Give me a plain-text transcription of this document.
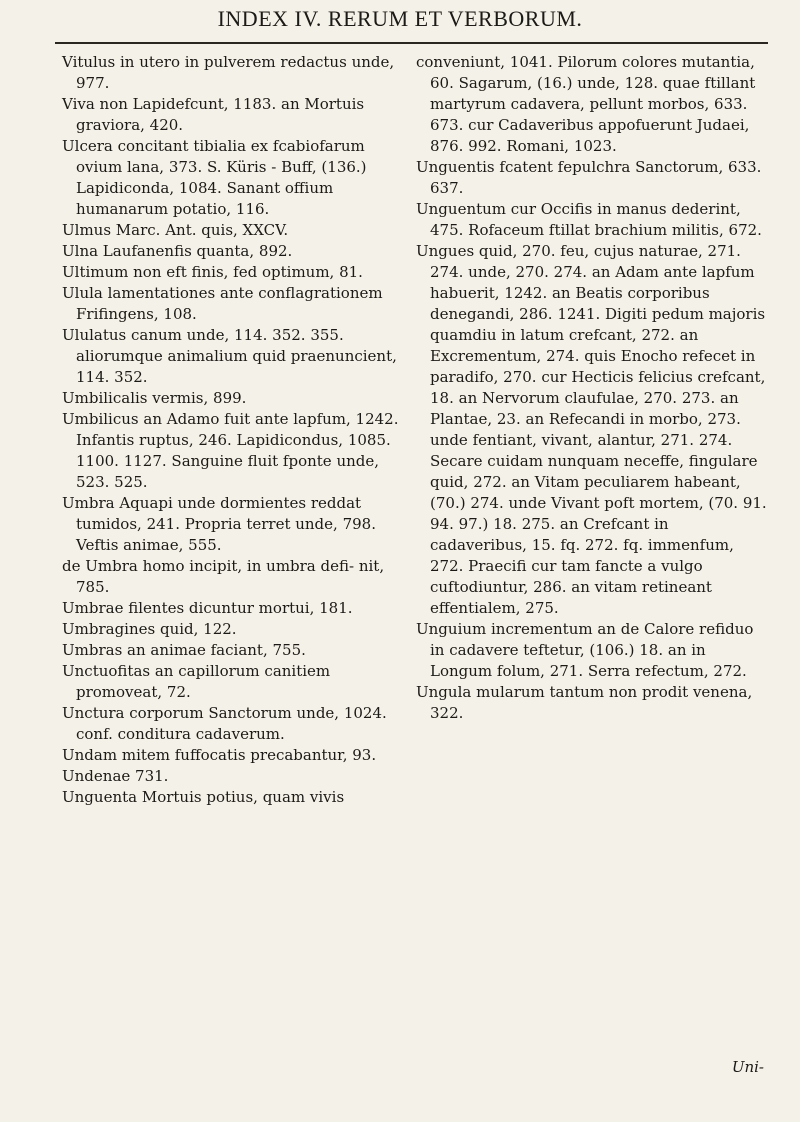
INDEX IV. RERUM ET VERBORUM.

Vitulus in utero in pulverem redactus unde, 977.

Viva non Lapidefcunt, 1183. an Mortuis graviora, 420.

Ulcera concitant tibialia ex fcabiofarum ovium lana, 373. S. Küris - Buff, (136.) Lapidiconda, 1084. Sanant offium humanarum potatio, 116.

Ulmus Marc. Ant. quis, XXCV.

Ulna Laufanenfis quanta, 892.

Ultimum non eft finis, fed optimum, 81.

Ulula lamentationes ante conflagrationem Frifingens, 108.

Ululatus canum unde, 114. 352. 355. aliorumque animalium quid praenuncient, 114. 352.

Umbilicalis vermis, 899.

Umbilicus an Adamo fuit ante lapfum, 1242. Infantis ruptus, 246. Lapidicondus, 1085. 1100. 1127. Sanguine fluit fponte unde, 523. 525.

Umbra Aquapi unde dormientes reddat tumidos, 241. Propria terret unde, 798. Veftis animae, 555.

de Umbra homo incipit, in umbra defi- nit, 785.

Umbrae filentes dicuntur mortui, 181.

Umbragines quid, 122.

Umbras an animae faciant, 755.

Unctuofitas an capillorum canitiem promoveat, 72.

Unctura corporum Sanctorum unde, 1024. conf. conditura cadaverum.

Undam mitem fuffocatis precabantur, 93.

Undenae 731.

Unguenta Mortuis potius, quam vivis

conveniunt, 1041. Pilorum colores mutantia, 60. Sagarum, (16.) unde, 128. quae ftillant martyrum cadavera, pellunt morbos, 633. 673. cur Cadaveribus appofuerunt Judaei, 876. 992. Romani, 1023.

Unguentis fcatent fepulchra Sanctorum, 633. 637.

Unguentum cur Occifis in manus dederint, 475. Rofaceum ftillat brachium militis, 672.

Ungues quid, 270. feu, cujus naturae, 271. 274. unde, 270. 274. an Adam ante lapfum habuerit, 1242. an Beatis corporibus denegandi, 286. 1241. Digiti pedum majoris quamdiu in latum crefcant, 272. an Excrementum, 274. quis Enocho refecet in paradifo, 270. cur Hecticis felicius crefcant, 18. an Nervorum claufulae, 270. 273. an Plantae, 23. an Refecandi in morbo, 273. unde fentiant, vivant, alantur, 271. 274. Secare cuidam nunquam neceffe, fingulare quid, 272. an Vitam peculiarem habeant, (70.) 274. unde Vivant poft mortem, (70. 91. 94. 97.) 18. 275. an Crefcant in cadaveribus, 15. fq. 272. fq. immenfum, 272. Praecifi cur tam fancte a vulgo cuftodiuntur, 286. an vitam retineant effentialem, 275.

Unguium incrementum an de Calore refiduo in cadavere teftetur, (106.) 18. an in Longum folum, 271. Serra refectum, 272.

Ungula mularum tantum non prodit venena, 322.

Uni-
